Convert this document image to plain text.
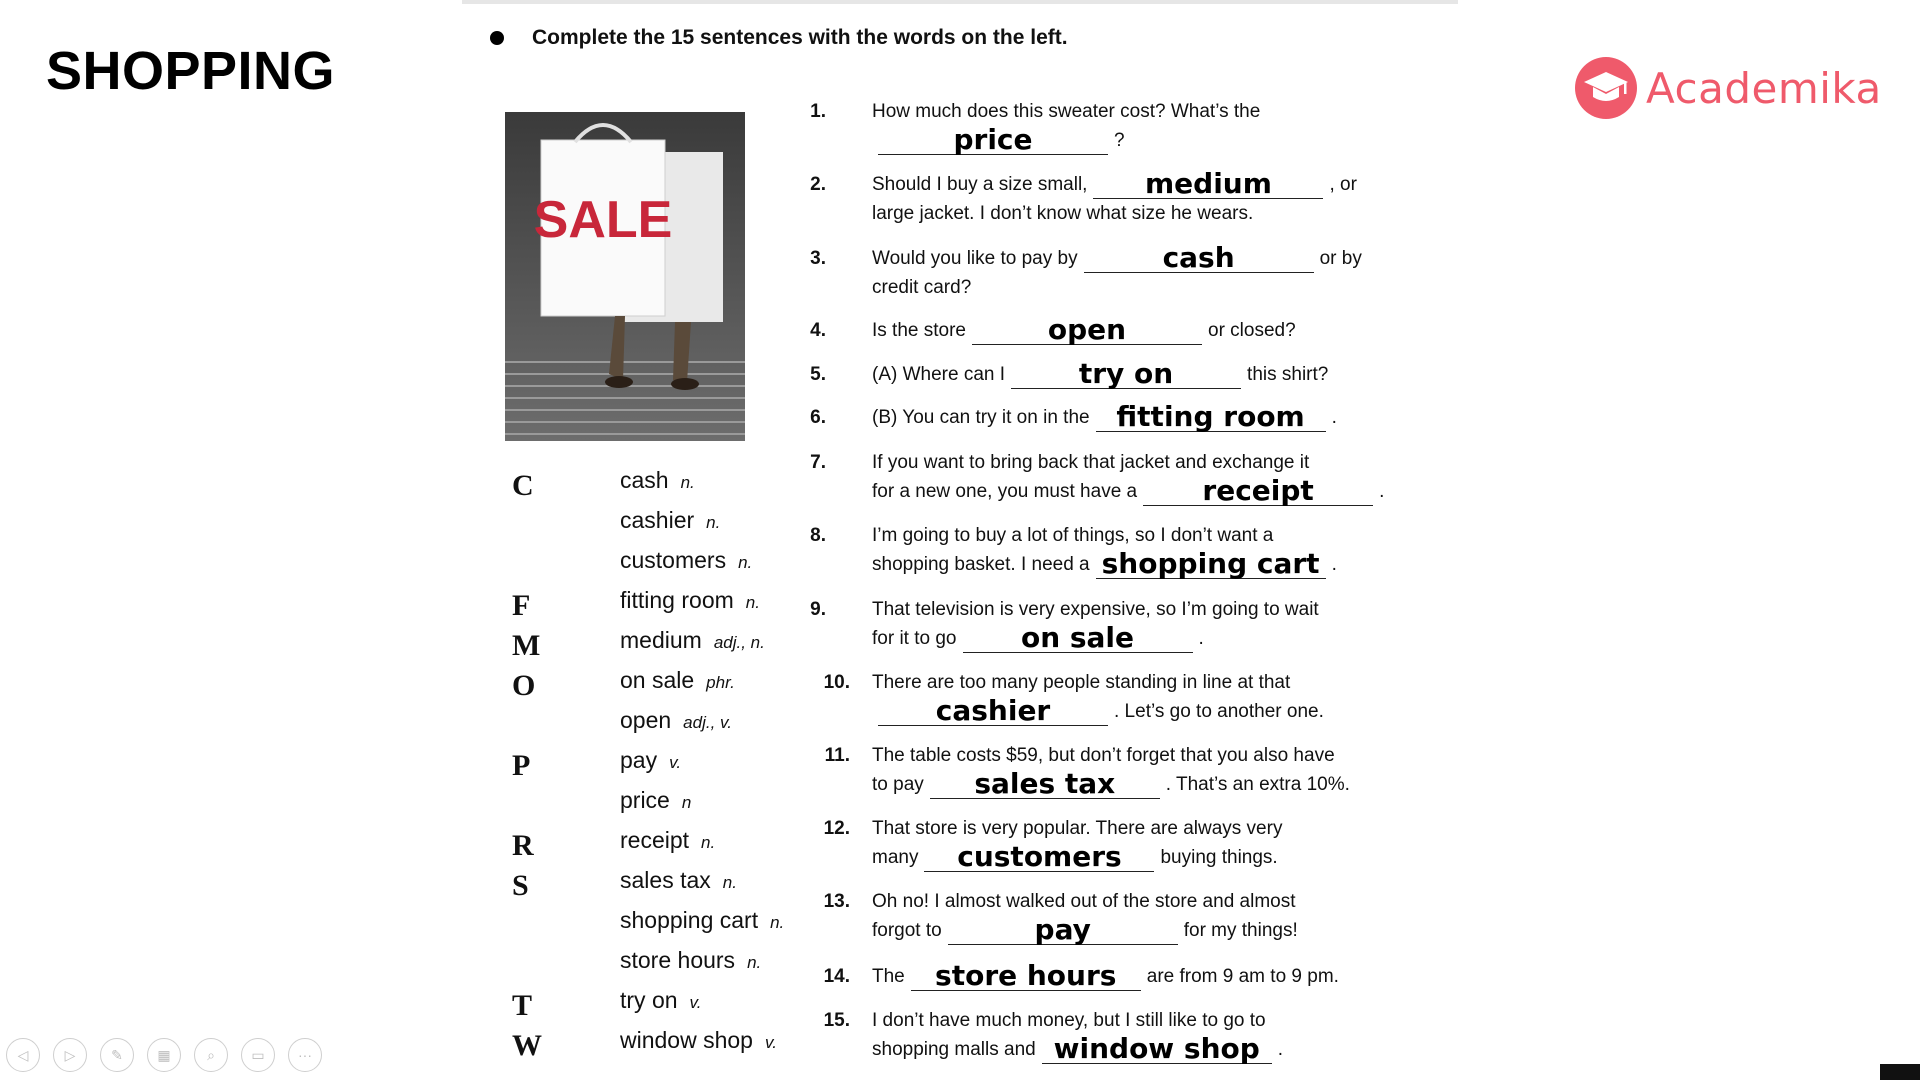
SHOPPING	Academika
Complete the 15 sentences with the words on the left.
SALE
C	cash n.
cashier n.
customers n.
F	fitting room n.
M	medium adj., n.
O	on sale phr.
open adj., v.
P	pay v.
price n
R	receipt n.
S	sales tax n.
shopping cart n.
store hours n.
T	try on v.
W	window shop v.
1. How much does this sweater cost? What’s the
price	?
2. Should I buy a size small,	medium	, or
large jacket. I don’t know what size he wears.
3. Would you like to pay by	cash	or by
credit card?
4. Is the store	open	or closed?
5. (A) Where can I	try on	this shirt?
6. (B) You can try it on in the fitting room	.
7. If you want to bring back that jacket and exchange it
for a new one, you must have a	receipt	.
8. I’m going to buy a lot of things, so I don’t want a
shopping basket. I need a shopping cart .
9. That television is very expensive, so I’m going to wait
for it to go	on sale	.
10. There are too many people standing in line at that
cashier	. Let’s go to another one.
11. The table costs $59, but don’t forget that you also have
to pay	sales tax	. That’s an extra 10%.
12. That store is very popular. There are always very
many	customers	buying things.
13. Oh no! I almost walked out of the store and almost
forgot to	pay	for my things!
14. The	store hours	are from 9 am to 9 pm.
15. I don’t have much money, but I still like to go to
shopping malls and window shop .
◁	▷	✎	▦	⌕	▭	···
